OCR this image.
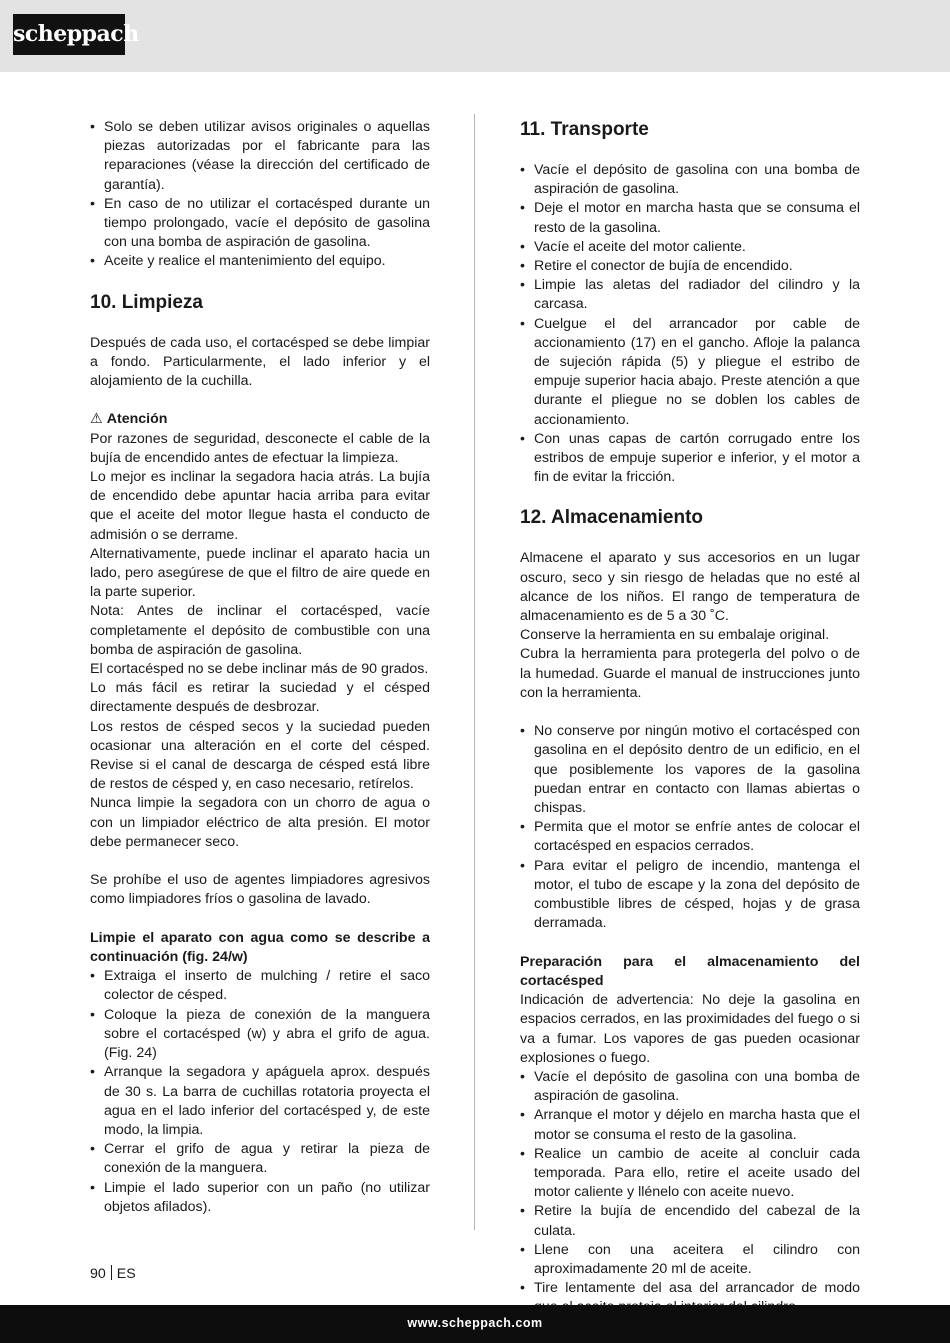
scheppach
• Solo se deben utilizar avisos originales o aquellas piezas autorizadas por el fabricante para las reparaciones (véase la dirección del certificado de garantía).
• En caso de no utilizar el cortacésped durante un tiempo prolongado, vacíe el depósito de gasolina con una bomba de aspiración de gasolina.
• Aceite y realice el mantenimiento del equipo.
10. Limpieza

Después de cada uso, el cortacésped se debe limpiar a fondo. Particularmente, el lado inferior y el alojamiento de la cuchilla.

⚠ Atención

Por razones de seguridad, desconecte el cable de la bujía de encendido antes de efectuar la limpieza.

Lo mejor es inclinar la segadora hacia atrás. La bujía de encendido debe apuntar hacia arriba para evitar que el aceite del motor llegue hasta el conducto de admisión o se derrame.

Alternativamente, puede inclinar el aparato hacia un lado, pero asegúrese de que el filtro de aire quede en la parte superior.

Nota: Antes de inclinar el cortacésped, vacíe completamente el depósito de combustible con una bomba de aspiración de gasolina.

El cortacésped no se debe inclinar más de 90 grados.

Lo más fácil es retirar la suciedad y el césped directamente después de desbrozar.

Los restos de césped secos y la suciedad pueden ocasionar una alteración en el corte del césped. Revise si el canal de descarga de césped está libre de restos de césped y, en caso necesario, retírelos.

Nunca limpie la segadora con un chorro de agua o con un limpiador eléctrico de alta presión. El motor debe permanecer seco.

Se prohíbe el uso de agentes limpiadores agresivos como limpiadores fríos o gasolina de lavado.

Limpie el aparato con agua como se describe a continuación (fig. 24/w)

• Extraiga el inserto de mulching / retire el saco colector de césped.
• Coloque la pieza de conexión de la manguera sobre el cortacésped (w) y abra el grifo de agua. (Fig. 24)
• Arranque la segadora y apáguela aprox. después de 30 s. La barra de cuchillas rotatoria proyecta el agua en el lado inferior del cortacésped y, de este modo, la limpia.
• Cerrar el grifo de agua y retirar la pieza de conexión de la manguera.
• Limpie el lado superior con un paño (no utilizar objetos afilados).
11. Transporte
• Vacíe el depósito de gasolina con una bomba de aspiración de gasolina.
• Deje el motor en marcha hasta que se consuma el resto de la gasolina.
• Vacíe el aceite del motor caliente.
• Retire el conector de bujía de encendido.
• Limpie las aletas del radiador del cilindro y la carcasa.
• Cuelgue el del arrancador por cable de accionamiento (17) en el gancho. Afloje la palanca de sujeción rápida (5) y pliegue el estribo de empuje superior hacia abajo. Preste atención a que durante el pliegue no se doblen los cables de accionamiento.
• Con unas capas de cartón corrugado entre los estribos de empuje superior e inferior, y el motor a fin de evitar la fricción.
12. Almacenamiento

Almacene el aparato y sus accesorios en un lugar oscuro, seco y sin riesgo de heladas que no esté al alcance de los niños. El rango de temperatura de almacenamiento es de 5 a 30 ˚C.

Conserve la herramienta en su embalaje original.

Cubra la herramienta para protegerla del polvo o de la humedad. Guarde el manual de instrucciones junto con la herramienta.

• No conserve por ningún motivo el cortacésped con gasolina en el depósito dentro de un edificio, en el que posiblemente los vapores de la gasolina puedan entrar en contacto con llamas abiertas o chispas.
• Permita que el motor se enfríe antes de colocar el cortacésped en espacios cerrados.
• Para evitar el peligro de incendio, mantenga el motor, el tubo de escape y la zona del depósito de combustible libres de césped, hojas y de grasa derramada.

Preparación para el almacenamiento del cortacésped

Indicación de advertencia: No deje la gasolina en espacios cerrados, en las proximidades del fuego o si va a fumar. Los vapores de gas pueden ocasionar explosiones o fuego.

• Vacíe el depósito de gasolina con una bomba de aspiración de gasolina.
• Arranque el motor y déjelo en marcha hasta que el motor se consuma el resto de la gasolina.
• Realice un cambio de aceite al concluir cada temporada. Para ello, retire el aceite usado del motor caliente y llénelo con aceite nuevo.
• Retire la bujía de encendido del cabezal de la culata.
• Llene con una aceitera el cilindro con aproximadamente 20 ml de aceite.
• Tire lentamente del asa del arrancador de modo
•
90 ES
www.scheppach.com
